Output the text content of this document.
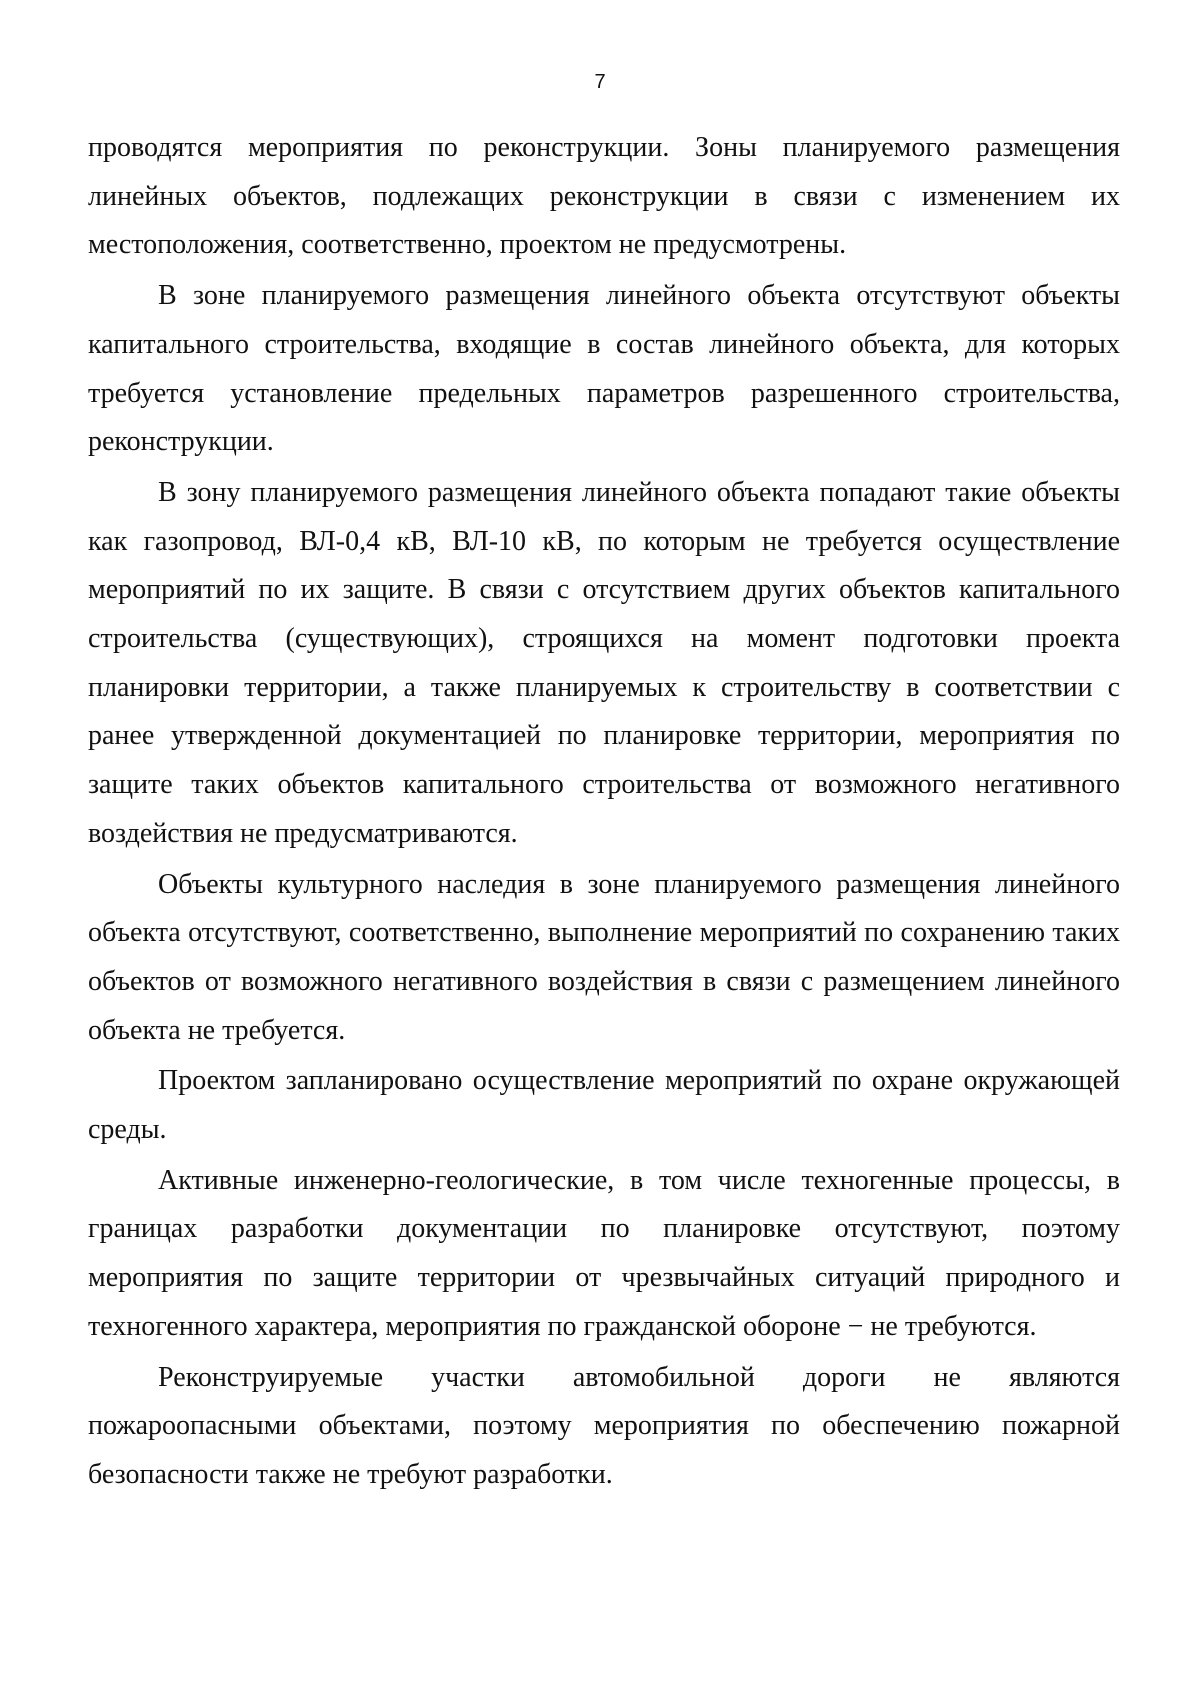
7

проводятся мероприятия по реконструкции. Зоны планируемого размещения линейных объектов, подлежащих реконструкции в связи с изменением их местоположения, соответственно, проектом не предусмотрены.

В зоне планируемого размещения линейного объекта отсутствуют объекты капитального строительства, входящие в состав линейного объекта, для которых требуется установление предельных параметров разрешенного строительства, реконструкции.

В зону планируемого размещения линейного объекта попадают такие объекты как газопровод, ВЛ-0,4 кВ, ВЛ-10 кВ, по которым не требуется осуществление мероприятий по их защите. В связи с отсутствием других объектов капитального строительства (существующих), строящихся на момент подготовки проекта планировки территории, а также планируемых к строительству в соответствии с ранее утвержденной документацией по планировке территории, мероприятия по защите таких объектов капитального строительства от возможного негативного воздействия не предусматриваются.

Объекты культурного наследия в зоне планируемого размещения линейного объекта отсутствуют, соответственно, выполнение мероприятий по сохранению таких объектов от возможного негативного воздействия в связи с размещением линейного объекта не требуется.

Проектом запланировано осуществление мероприятий по охране окружающей среды.

Активные инженерно-геологические, в том числе техногенные процессы, в границах разработки документации по планировке отсутствуют, поэтому мероприятия по защите территории от чрезвычайных ситуаций природного и техногенного характера, мероприятия по гражданской обороне − не требуются.

Реконструируемые участки автомобильной дороги не являются пожароопасными объектами, поэтому мероприятия по обеспечению пожарной безопасности также не требуют разработки.
